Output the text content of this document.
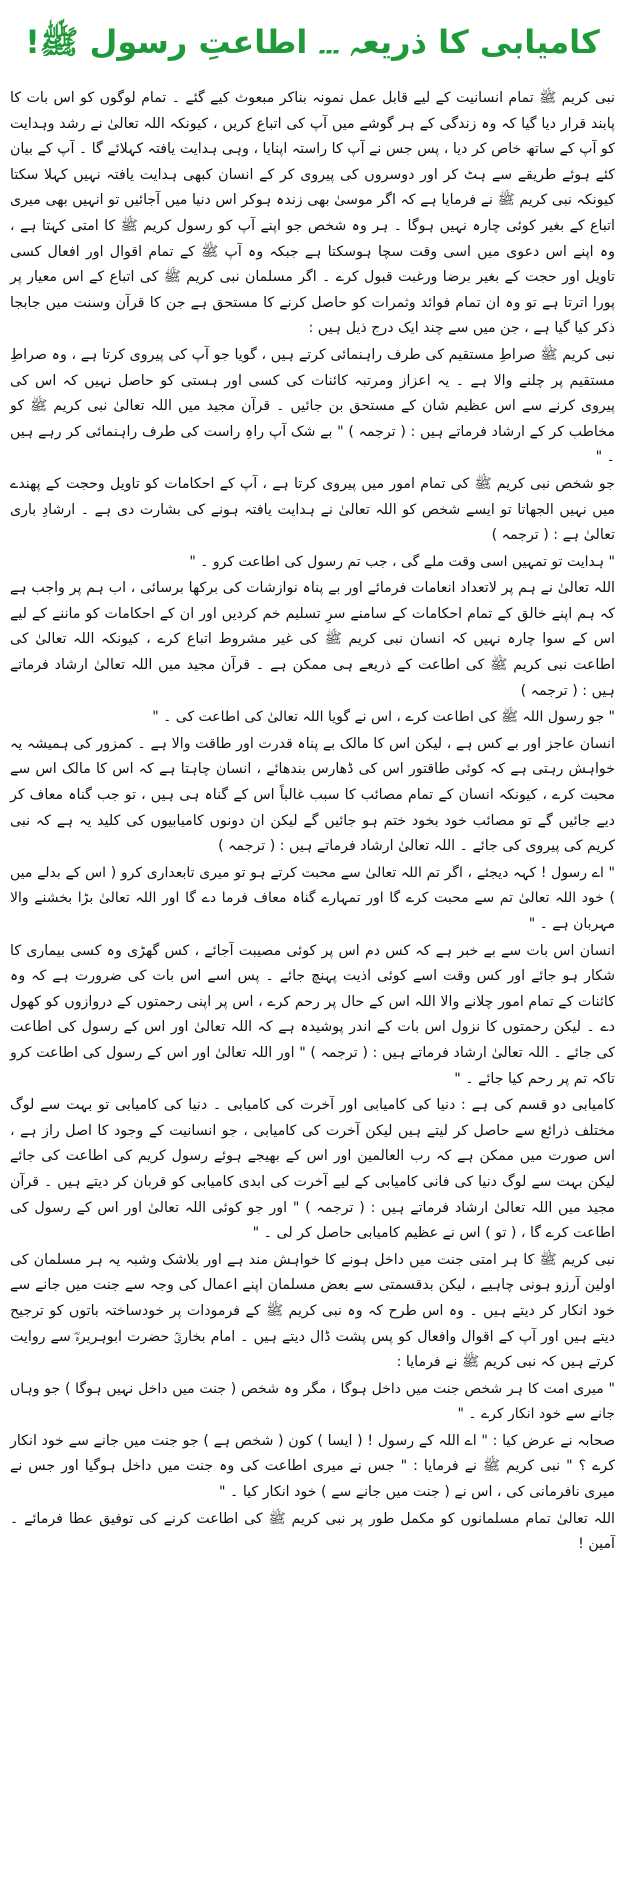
کامیابی کا ذریعہ ۔۔۔ اطاعتِ رسول ﷺ!

نبی کریم ﷺ تمام انسانیت کے لیے قابل عمل نمونہ بناکر مبعوث کیے گئے ۔ تمام لوگوں کو اس بات کا پابند قرار دیا گیا کہ وہ زندگی کے ہر گوشے میں آپ کی اتباع کریں ، کیونکہ اللہ تعالیٰ نے رشد وہدایت کو آپ کے ساتھ خاص کر دیا ، پس جس نے آپ کا راستہ اپنایا ، وہی ہدایت یافتہ کہلائے گا ۔ آپ کے بیان کئے ہوئے طریقے سے ہٹ کر اور دوسروں کی پیروی کر کے انسان کبھی ہدایت یافتہ نہیں کہلا سکتا کیونکہ نبی کریم ﷺ نے فرمایا ہے کہ اگر موسیٰ بھی زندہ ہوکر اس دنیا میں آجائیں تو انہیں بھی میری اتباع کے بغیر کوئی چارہ نہیں ہوگا ۔ ہر وہ شخص جو اپنے آپ کو رسول کریم ﷺ کا امتی کہتا ہے ، وہ اپنے اس دعوی میں اسی وقت سچا ہوسکتا ہے جبکہ وہ آپ ﷺ کے تمام اقوال اور افعال کسی تاویل اور حجت کے بغیر برضا ورغبت قبول کرے ۔ اگر مسلمان نبی کریم ﷺ کی اتباع کے اس معیار پر پورا اترتا ہے تو وہ ان تمام فوائد وثمرات کو حاصل کرنے کا مستحق ہے جن کا قرآن وسنت میں جابجا ذکر کیا گیا ہے ، جن میں سے چند ایک درج ذیل ہیں :

نبی کریم ﷺ صراطِ مستقیم کی طرف راہنمائی کرتے ہیں ، گویا جو آپ کی پیروی کرتا ہے ، وہ صراطِ مستقیم پر چلنے والا ہے ۔ یہ اعزاز ومرتبہ کائنات کی کسی اور ہستی کو حاصل نہیں کہ اس کی پیروی کرنے سے اس عظیم شان کے مستحق بن جائیں ۔ قرآن مجید میں اللہ تعالیٰ نبی کریم ﷺ کو مخاطب کر کے ارشاد فرماتے ہیں : ( ترجمہ ) " بے شک آپ راہِ راست کی طرف راہنمائی کر رہے ہیں ۔ "

جو شخص نبی کریم ﷺ کی تمام امور میں پیروی کرتا ہے ، آپ کے احکامات کو تاویل وحجت کے پھندے میں نہیں الجھاتا تو ایسے شخص کو اللہ تعالیٰ نے ہدایت یافتہ ہونے کی بشارت دی ہے ۔ ارشادِ باری تعالیٰ ہے : ( ترجمہ )

" ہدایت تو تمہیں اسی وقت ملے گی ، جب تم رسول کی اطاعت کرو ۔ "

اللہ تعالیٰ نے ہم پر لاتعداد انعامات فرمائے اور بے پناہ نوازشات کی برکھا برسائی ، اب ہم پر واجب ہے کہ ہم اپنے خالق کے تمام احکامات کے سامنے سرِ تسلیم خم کردیں اور ان کے احکامات کو ماننے کے لیے اس کے سوا چارہ نہیں کہ انسان نبی کریم ﷺ کی غیر مشروط اتباع کرے ، کیونکہ اللہ تعالیٰ کی اطاعت نبی کریم ﷺ کی اطاعت کے ذریعے ہی ممکن ہے ۔ قرآن مجید میں اللہ تعالیٰ ارشاد فرماتے ہیں : ( ترجمہ )

" جو رسول اللہ ﷺ کی اطاعت کرے ، اس نے گویا اللہ تعالیٰ کی اطاعت کی ۔ "

انسان عاجز اور بے کس ہے ، لیکن اس کا مالک بے پناہ قدرت اور طاقت والا ہے ۔ کمزور کی ہمیشہ یہ خواہش رہتی ہے کہ کوئی طاقتور اس کی ڈھارس بندھائے ، انسان چاہتا ہے کہ اس کا مالک اس سے محبت کرے ، کیونکہ انسان کے تمام مصائب کا سبب غالباً اس کے گناہ ہی ہیں ، تو جب گناہ معاف کر دیے جائیں گے تو مصائب خود بخود ختم ہو جائیں گے لیکن ان دونوں کامیابیوں کی کلید یہ ہے کہ نبی کریم کی پیروی کی جائے ۔ اللہ تعالیٰ ارشاد فرماتے ہیں : ( ترجمہ )

" اے رسول ! کہہ دیجئے ، اگر تم اللہ تعالیٰ سے محبت کرتے ہو تو میری تابعداری کرو ( اس کے بدلے میں ) خود اللہ تعالیٰ تم سے محبت کرے گا اور تمہارے گناہ معاف فرما دے گا اور اللہ تعالیٰ بڑا بخشنے والا مہربان ہے ۔ "

انسان اس بات سے بے خبر ہے کہ کس دم اس پر کوئی مصیبت آجائے ، کس گھڑی وہ کسی بیماری کا شکار ہو جائے اور کس وقت اسے کوئی اذیت پہنچ جائے ۔ پس اسے اس بات کی ضرورت ہے کہ وہ کائنات کے تمام امور چلانے والا اللہ اس کے حال پر رحم کرے ، اس پر اپنی رحمتوں کے دروازوں کو کھول دے ۔ لیکن رحمتوں کا نزول اس بات کے اندر پوشیدہ ہے کہ اللہ تعالیٰ اور اس کے رسول کی اطاعت کی جائے ۔ اللہ تعالیٰ ارشاد فرماتے ہیں : ( ترجمہ ) " اور اللہ تعالیٰ اور اس کے رسول کی اطاعت کرو تاکہ تم پر رحم کیا جائے ۔ "

کامیابی دو قسم کی ہے : دنیا کی کامیابی اور آخرت کی کامیابی ۔ دنیا کی کامیابی تو بہت سے لوگ مختلف ذرائع سے حاصل کر لیتے ہیں لیکن آخرت کی کامیابی ، جو انسانیت کے وجود کا اصل راز ہے ، اس صورت میں ممکن ہے کہ رب العالمین اور اس کے بھیجے ہوئے رسول کریم کی اطاعت کی جائے لیکن بہت سے لوگ دنیا کی فانی کامیابی کے لیے آخرت کی ابدی کامیابی کو قربان کر دیتے ہیں ۔ قرآن مجید میں اللہ تعالیٰ ارشاد فرماتے ہیں : ( ترجمہ ) " اور جو کوئی اللہ تعالیٰ اور اس کے رسول کی اطاعت کرے گا ، ( تو ) اس نے عظیم کامیابی حاصل کر لی ۔ "

نبی کریم ﷺ کا ہر امتی جنت میں داخل ہونے کا خواہش مند ہے اور بلاشک وشبہ یہ ہر مسلمان کی اولین آرزو ہونی چاہیے ، لیکن بدقسمتی سے بعض مسلمان اپنے اعمال کی وجہ سے جنت میں جانے سے خود انکار کر دیتے ہیں ۔ وہ اس طرح کہ وہ نبی کریم ﷺ کے فرمودات پر خودساختہ باتوں کو ترجیح دیتے ہیں اور آپ کے اقوال وافعال کو پس پشت ڈال دیتے ہیں ۔ امام بخاریؒ حضرت ابوہریرہؓ سے روایت کرتے ہیں کہ نبی کریم ﷺ نے فرمایا :

" میری امت کا ہر شخص جنت میں داخل ہوگا ، مگر وہ شخص ( جنت میں داخل نہیں ہوگا ) جو وہاں جانے سے خود انکار کرے ۔ "

صحابہ نے عرض کیا : " اے اللہ کے رسول ! ( ایسا ) کون ( شخص ہے ) جو جنت میں جانے سے خود انکار کرے ؟ " نبی کریم ﷺ نے فرمایا : " جس نے میری اطاعت کی وہ جنت میں داخل ہوگیا اور جس نے میری نافرمانی کی ، اس نے ( جنت میں جانے سے ) خود انکار کیا ۔ "

اللہ تعالیٰ تمام مسلمانوں کو مکمل طور پر نبی کریم ﷺ کی اطاعت کرنے کی توفیق عطا فرمائے ۔ آمین !
